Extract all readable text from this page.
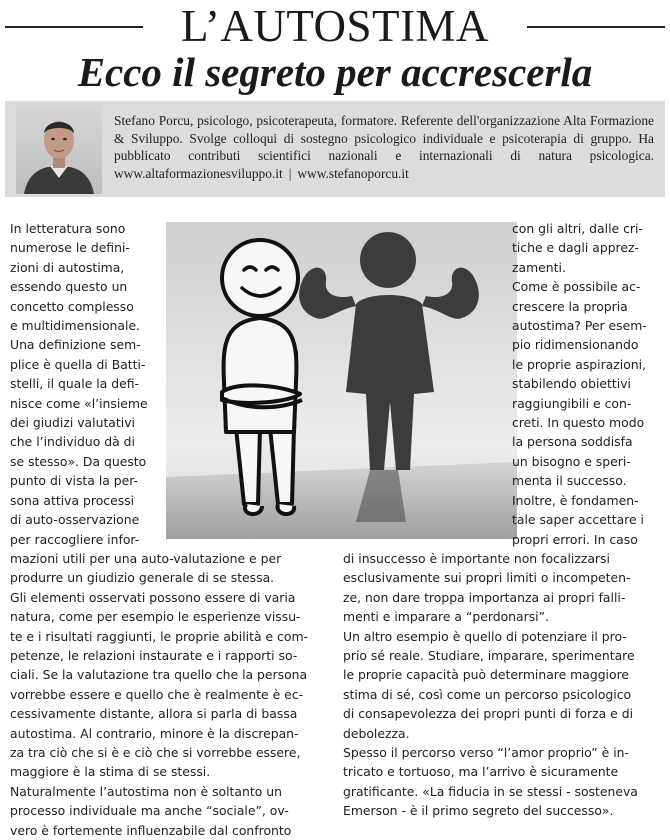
L’AUTOSTIMA
Ecco il segreto per accrescerla
Stefano Porcu, psicologo, psicoterapeuta, formatore. Referente dell'organizzazione Alta Formazione & Sviluppo. Svolge colloqui di sostegno psicologico individuale e psicoterapia di gruppo. Ha pubblicato contributi scientifici nazionali e internazionali di natura psicologica. www.altaformazionesviluppo.it | www.stefanoporcu.it
In letteratura sono
numerose le defini-
zioni di autostima,
essendo questo un
concetto complesso
e multidimensionale.
Una definizione sem-
plice è quella di Batti-
stelli, il quale la defi-
nisce come «l’insieme
dei giudizi valutativi
che l’individuo dà di
se stesso». Da questo
punto di vista la per-
sona attiva processi
di auto-osservazione
per raccogliere infor-
mazioni utili per una auto-valutazione e per
produrre un giudizio generale di se stessa.
Gli elementi osservati possono essere di varia
natura, come per esempio le esperienze vissu-
te e i risultati raggiunti, le proprie abilità e com-
petenze, le relazioni instaurate e i rapporti so-
ciali. Se la valutazione tra quello che la persona
vorrebbe essere e quello che è realmente è ec-
cessivamente distante, allora si parla di bassa
autostima. Al contrario, minore è la discrepan-
za tra ciò che si è e ciò che si vorrebbe essere,
maggiore è la stima di se stessi.
Naturalmente l’autostima non è soltanto un
processo individuale ma anche “sociale”, ov-
vero è fortemente influenzabile dal confronto
con gli altri, dalle cri-
tiche e dagli apprez-
zamenti.
Come è possibile ac-
crescere la propria
autostima? Per esem-
pio ridimensionando
le proprie aspirazioni,
stabilendo obiettivi
raggiungibili e con-
creti. In questo modo
la persona soddisfa
un bisogno e speri-
menta il successo.
Inoltre, è fondamen-
tale saper accettare i
propri errori. In caso
di insuccesso è importante non focalizzarsi
esclusivamente sui propri limiti o incompeten-
ze, non dare troppa importanza ai propri falli-
menti e imparare a “perdonarsi”.
Un altro esempio è quello di potenziare il pro-
prio sé reale. Studiare, imparare, sperimentare
le proprie capacità può determinare maggiore
stima di sé, così come un percorso psicologico
di consapevolezza dei propri punti di forza e di
debolezza.
Spesso il percorso verso “l’amor proprio” è in-
tricato e tortuoso, ma l’arrivo è sicuramente
gratificante. «La fiducia in se stessi - sosteneva
Emerson - è il primo segreto del successo».
